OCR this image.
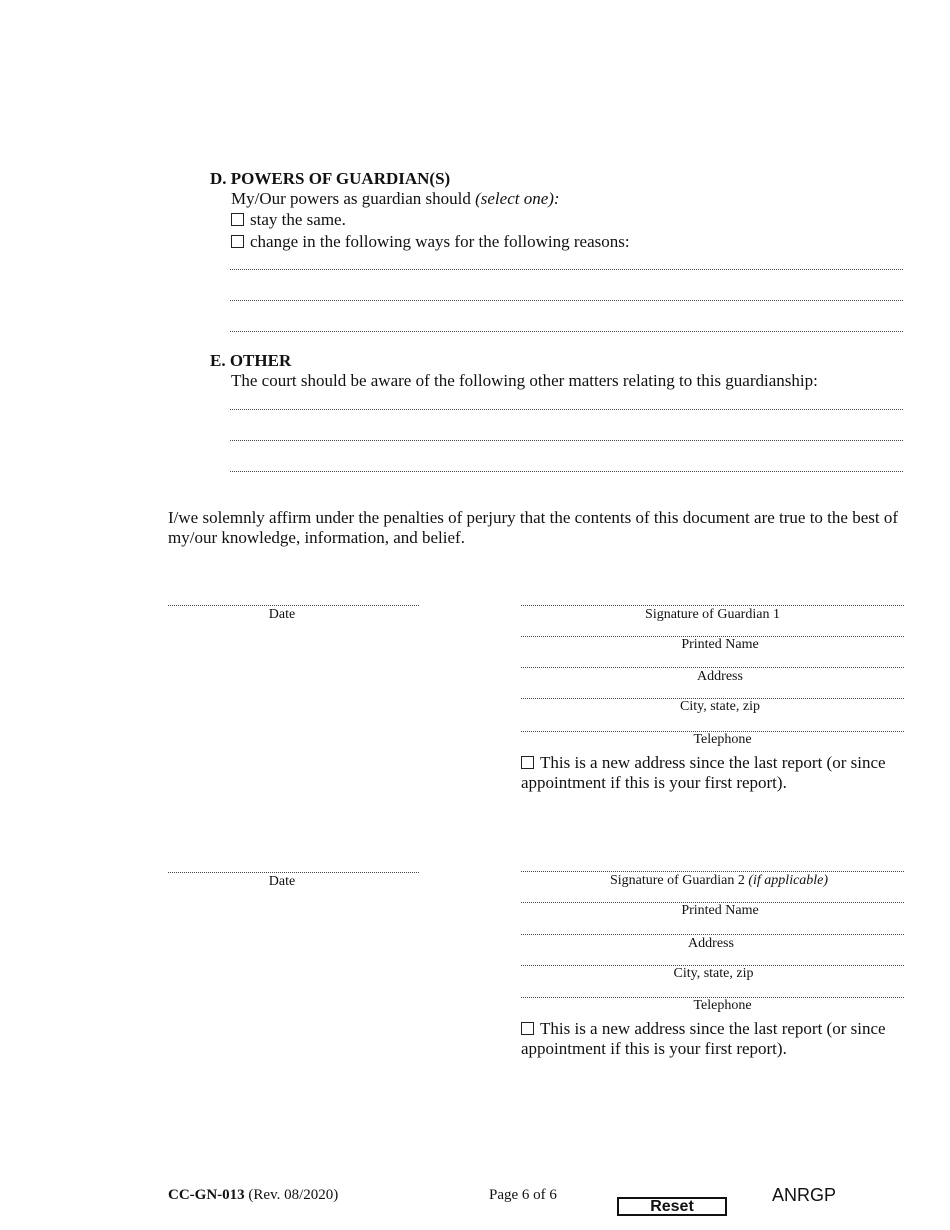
D. POWERS OF GUARDIAN(S)
My/Our powers as guardian should (select one):
stay the same.
change in the following ways for the following reasons:
E. OTHER
The court should be aware of the following other matters relating to this guardianship:
I/we solemnly affirm under the penalties of perjury that the contents of this document are true to the best of my/our knowledge, information, and belief.
Date	Signature of Guardian 1
Printed Name
Address
City, state, zip
Telephone
This is a new address since the last report (or since appointment if this is your first report).
Date	Signature of Guardian 2 (if applicable)
Printed Name
Address
City, state, zip
Telephone
This is a new address since the last report (or since appointment if this is your first report).
CC-GN-013 (Rev. 08/2020)	Page 6 of 6
Reset
ANRGP
